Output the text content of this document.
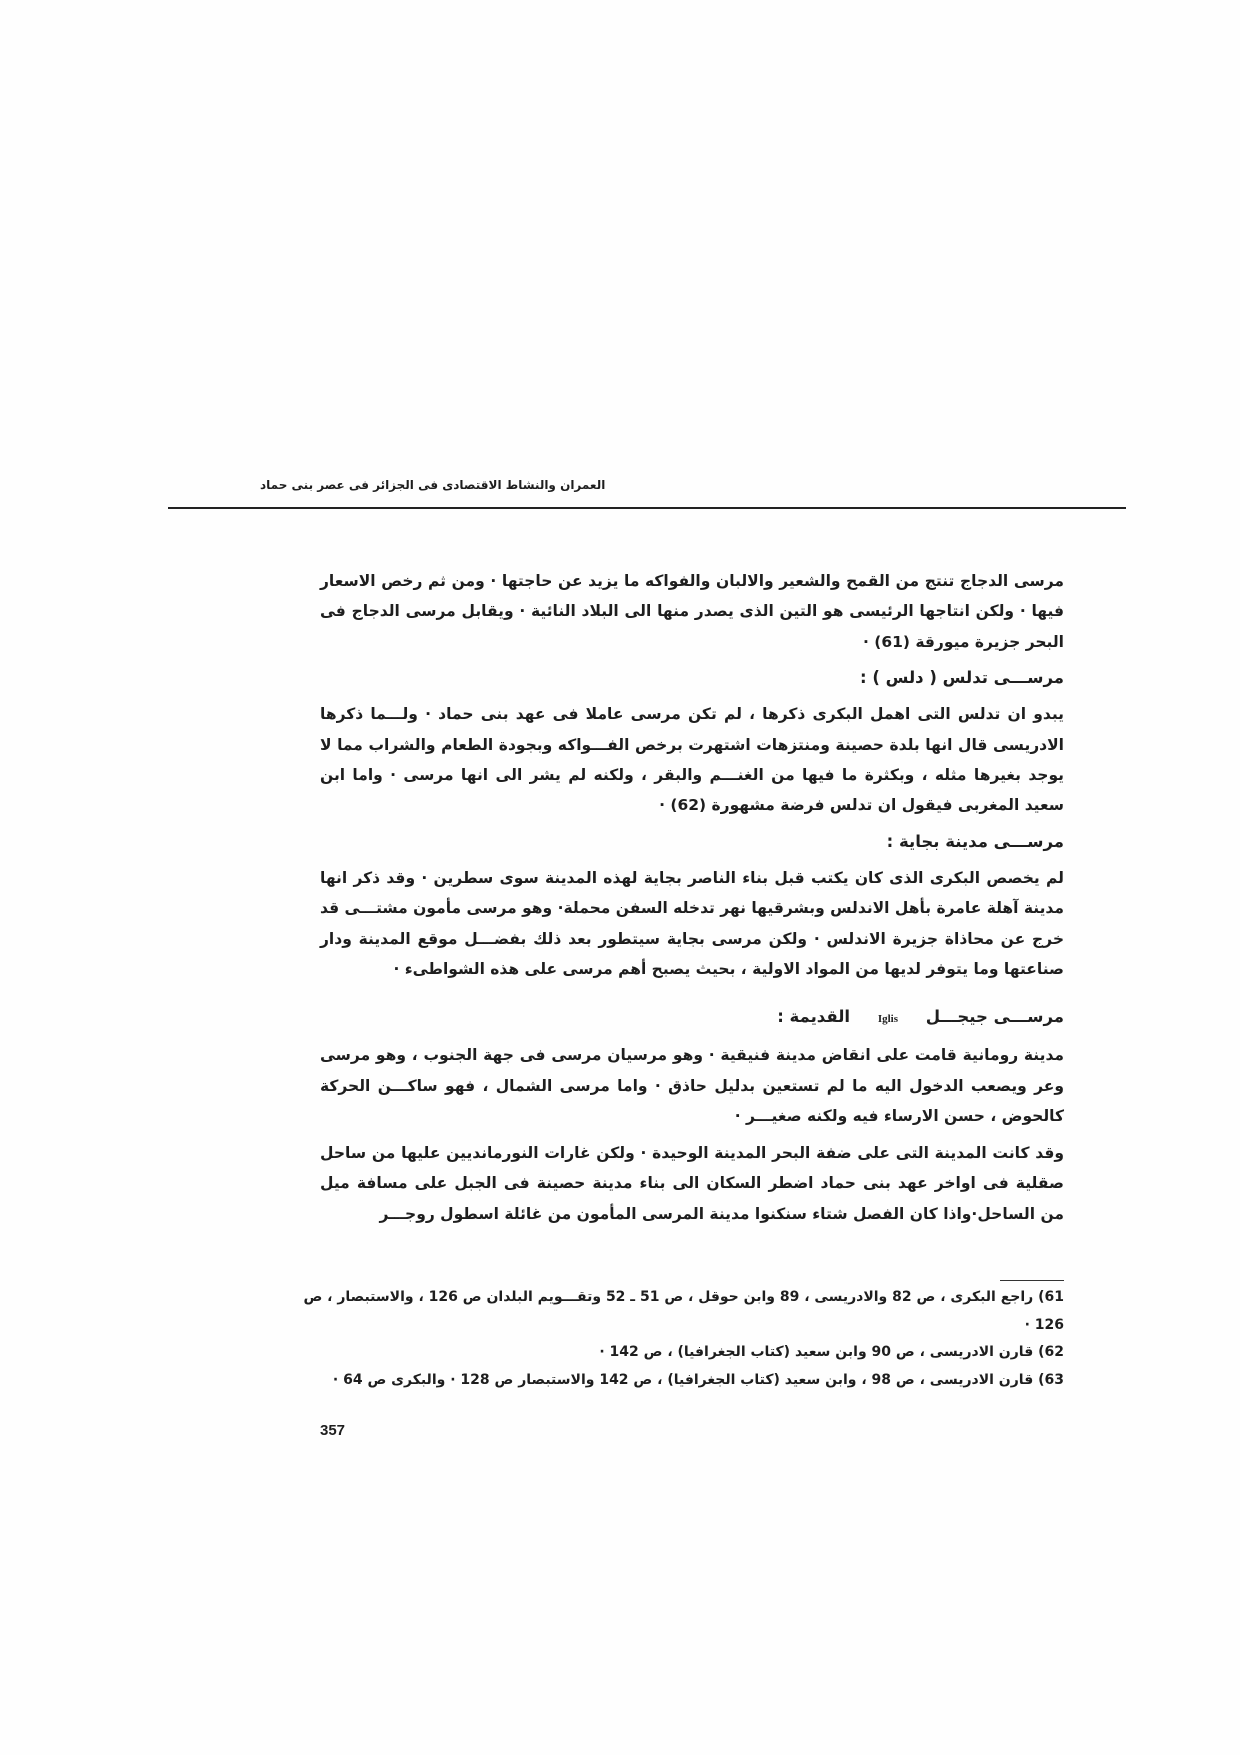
العمران والنشاط الاقتصادى فى الجزائر فى عصر بنى حماد

مرسى الدجاج تنتج من القمح والشعير والالبان والفواكه ما يزيد عن حاجتها · ومن ثم رخص الاسعار فيها · ولكن انتاجها الرئيسى هو التين الذى يصدر منها الى البلاد النائية · ويقابل مرسى الدجاج فى البحر جزيرة ميورقة (61) ·

مرســـى تدلس ( دلس ) :

يبدو ان تدلس التى اهمل البكرى ذكرها ، لم تكن مرسى عاملا فى عهد بنى حماد · ولـــما ذكرها الادريسى قال انها بلدة حصينة ومنتزهات اشتهرت برخص الفـــواكه وبجودة الطعام والشراب مما لا يوجد بغيرها مثله ، وبكثرة ما فيها من الغنـــم والبقر ، ولكنه لم يشر الى انها مرسى · واما ابن سعيد المغربى فيقول ان تدلس فرضة مشهورة (62) ·

مرســـى مدينة بجاية :

لم يخصص البكرى الذى كان يكتب قبل بناء الناصر بجاية لهذه المدينة سوى سطرين · وقد ذكر انها مدينة آهلة عامرة بأهل الاندلس وبشرقيها نهر تدخله السفن محملة· وهو مرسى مأمون مشتـــى قد خرج عن محاذاة جزيرة الاندلس · ولكن مرسى بجاية سيتطور بعد ذلك بفضـــل موقع المدينة ودار صناعتها وما يتوفر لديها من المواد الاولية ، بحيث يصبح أهم مرسى على هذه الشواطىء ·

مرســـى جيجـــل Iglis القديمة :

مدينة رومانية قامت على انقاض مدينة فنيقية · وهو مرسيان مرسى فى جهة الجنوب ، وهو مرسى وعر ويصعب الدخول اليه ما لم تستعين بدليل حاذق · واما مرسى الشمال ، فهو ساكـــن الحركة كالحوض ، حسن الارساء فيه ولكنه صغيـــر ·

وقد كانت المدينة التى على ضفة البحر المدينة الوحيدة · ولكن غارات النورمانديين عليها من ساحل صقلية فى اواخر عهد بنى حماد اضطر السكان الى بناء مدينة حصينة فى الجبل على مسافة ميل من الساحل·واذا كان الفصل شتاء سنكنوا مدينة المرسى المأمون من غائلة اسطول روجـــر

61) راجع البكرى ، ص 82 والادريسى ، 89 وابن حوقل ، ص 51 ـ 52 وتقـــويم البلدان ص 126 ، والاستبصار ، ص 126 ·

62) قارن الادريسى ، ص 90 وابن سعيد (كتاب الجغرافيا) ، ص 142 ·

63) قارن الادريسى ، ص 98 ، وابن سعيد (كتاب الجغرافيا) ، ص 142 والاستبصار ص 128 · والبكرى ص 64 ·

357
